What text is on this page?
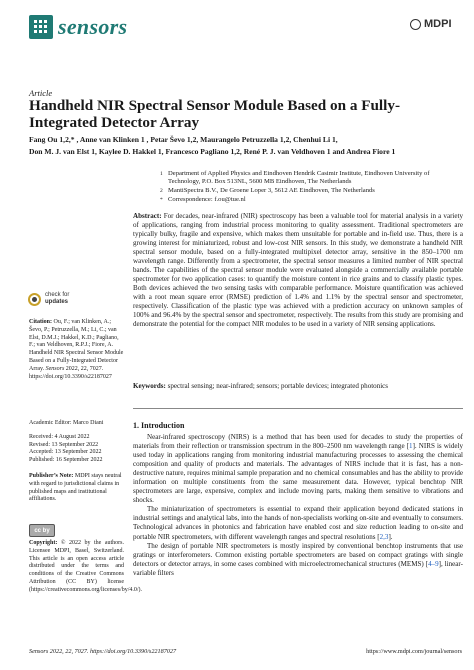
sensors	MDPI
Article
Handheld NIR Spectral Sensor Module Based on a Fully-Integrated Detector Array
Fang Ou 1,2,* , Anne van Klinken 1 , Petar Ševo 1,2, Maurangelo Petruzzella 1,2, Chenhui Li 1,
Don M. J. van Elst 1, Kaylee D. Hakkel 1, Francesco Pagliano 1,2, René P. J. van Veldhoven 1 and Andrea Fiore 1
1 Department of Applied Physics and Eindhoven Hendrik Casimir Institute, Eindhoven University of Technology, P.O. Box 513NL, 5600 MB Eindhoven, The Netherlands
2 MantiSpectra B.V., De Groene Loper 3, 5612 AE Eindhoven, The Netherlands
* Correspondence: f.ou@tue.nl
Abstract: For decades, near-infrared (NIR) spectroscopy has been a valuable tool for material analysis in a variety of applications, ranging from industrial process monitoring to quality assessment. Traditional spectrometers are typically bulky, fragile and expensive, which makes them unsuitable for portable and in-field use. Thus, there is a growing interest for miniaturized, robust and low-cost NIR sensors. In this study, we demonstrate a handheld NIR spectral sensor module, based on a fully-integrated multipixel detector array, sensitive in the 850–1700 nm wavelength range. Differently from a spectrometer, the spectral sensor measures a limited number of NIR spectral bands. The capabilities of the spectral sensor module were evaluated alongside a commercially available portable spectrometer for two application cases: to quantify the moisture content in rice grains and to classify plastic types. Both devices achieved the two sensing tasks with comparable performance. Moisture quantification was achieved with a root mean square error (RMSE) prediction of 1.4% and 1.1% by the spectral sensor and spectrometer, respectively. Classification of the plastic type was achieved with a prediction accuracy on unknown samples of 100% and 96.4% by the spectral sensor and spectrometer, respectively. The results from this study are promising and demonstrate the potential for the compact NIR modules to be used in a variety of NIR sensing applications.
Keywords: spectral sensing; near-infrared; sensors; portable devices; integrated photonics
1. Introduction

Near-infrared spectroscopy (NIRS) is a method that has been used for decades to study the properties of materials from their reflection or transmission spectrum in the 800–2500 nm wavelength range [1]. NIRS is widely used today in applications ranging from monitoring industrial manufacturing processes to assessing the chemical composition and quality of products and materials. The advantages of NIRS include that it is fast, has a non-destructive nature, requires minimal sample preparation and no chemical consumables and has the ability to provide information on multiple constituents from the same measurement data. However, typical benchtop NIR spectrometers are large, expensive, complex and include moving parts, making them sensitive to vibrations and shocks.

The miniaturization of spectrometers is essential to expand their application beyond dedicated stations in industrial settings and analytical labs, into the hands of non-specialists working on-site and eventually to consumers. Technological advances in photonics and fabrication have enabled cost and size reduction leading to on-site and portable NIR spectrometers, with different wavelength ranges and spectral resolutions [2,3].

The design of portable NIR spectrometers is mostly inspired by conventional benchtop instruments that use gratings or interferometers. Common existing portable spectrometers are based on compact gratings with single detectors or detector arrays, in some cases combined with microelectromechanical structures (MEMS) [4–9], linear-variable filters

check for
updates
Citation: Ou, F.; van Klinken, A.; Ševo, P.; Petruzzella, M.; Li, C.; van Elst, D.M.J.; Hakkel, K.D.; Pagliano, F.; van Veldhoven, R.P.J.; Fiore, A. Handheld NIR Spectral Sensor Module Based on a Fully-Integrated Detector Array. Sensors 2022, 22, 7027. https://doi.org/10.3390/s22187027
Academic Editor: Marco Diani
Received: 4 August 2022
Revised: 13 September 2022
Accepted: 13 September 2022
Published: 16 September 2022
Publisher’s Note: MDPI stays neutral with regard to jurisdictional claims in published maps and institutional affiliations.
cc by
Copyright: © 2022 by the authors. Licensee MDPI, Basel, Switzerland. This article is an open access article distributed under the terms and conditions of the Creative Commons Attribution (CC BY) license (https://creativecommons.org/licenses/by/4.0/).
Sensors 2022, 22, 7027. https://doi.org/10.3390/s22187027	https://www.mdpi.com/journal/sensors
